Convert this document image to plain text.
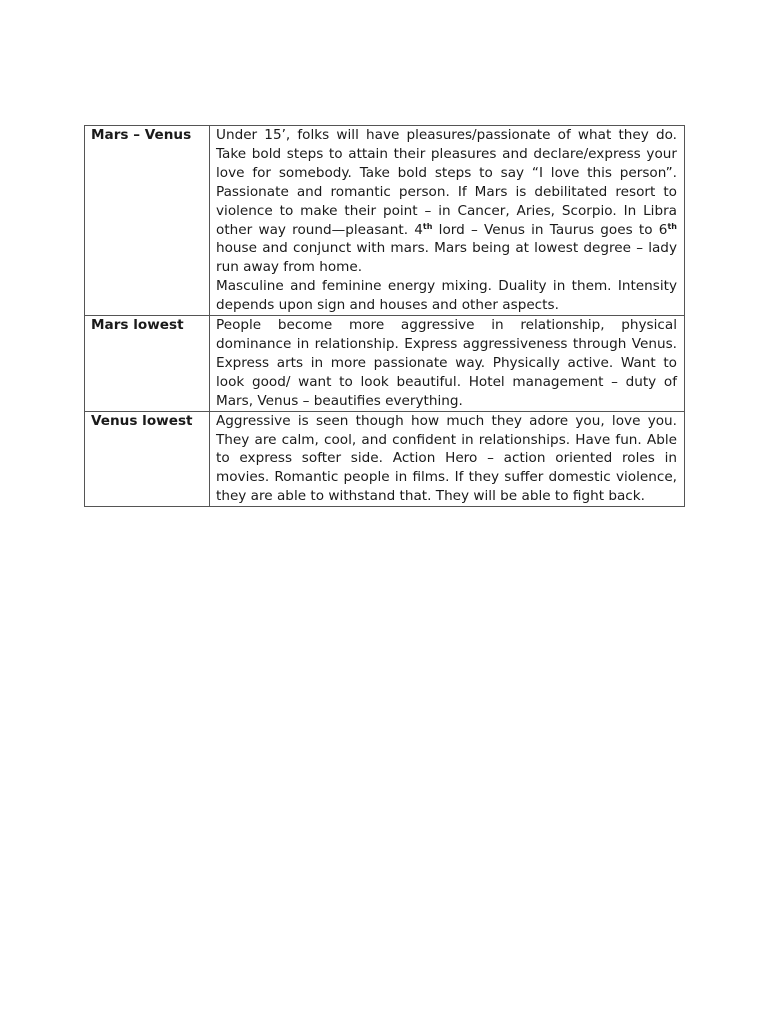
Mars – Venus	Under 15’, folks will have pleasures/passionate of what they do. Take bold steps to attain their pleasures and declare/express your love for somebody. Take bold steps to say “I love this person”. Passionate and romantic person. If Mars is debilitated resort to violence to make their point – in Cancer, Aries, Scorpio. In Libra other way round—pleasant. 4th lord – Venus in Taurus goes to 6th house and conjunct with mars. Mars being at lowest degree – lady run away from home.

Masculine and feminine energy mixing. Duality in them. Intensity depends upon sign and houses and other aspects.

Mars lowest	People become more aggressive in relationship, physical dominance in relationship. Express aggressiveness through Venus. Express arts in more passionate way. Physically active. Want to look good/ want to look beautiful. Hotel management – duty of Mars, Venus – beautifies everything.

Venus lowest	Aggressive is seen though how much they adore you, love you. They are calm, cool, and confident in relationships. Have fun. Able to express softer side. Action Hero – action oriented roles in movies. Romantic people in films. If they suffer domestic violence, they are able to withstand that. They will be able to fight back.
